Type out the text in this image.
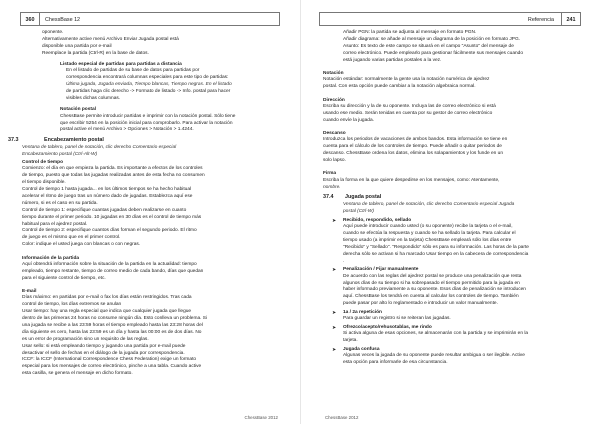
360	ChessBase 12
oponente.
Alternativamente active menú Archivo Enviar Jugada postal está
disponible una partida por e-mail
Reemplace la partida (Ctrl-R) en la base de datos.
Listado especial de partidas para partidas a distancia
En el listado de partidas de su base de datos para partidas por
correspondencia encontrará columnas especiales para este tipo de partidas:
Última jugada, Jugada enviada, Tiempo blancas, Tiempo negras. En el listado
de partidas haga clic derecho -> Formato de listado -> Info. postal para hacer
visibles dichas columnas.
Notación postal
ChessBase permite introducir partidas e imprimir con la notación postal. Sólo tiene
que escribir 5254 en la posición inicial para comprobarlo. Para activar la notación
postal active el menú Archivo > Opciones > Notación > 1.4244.
37.3	Encabezamiento postal
Ventana de tablero, panel de notación, clic derecho Comentario especial
Encabezamiento postal (Ctrl-Alt-W)
Control de tiempo
Comienzo: el día en que empieza la partida. Es importante a efectos de los controles
de tiempo, puesto que todas las jugadas realizadas antes de esta fecha no consumen
el tiempo disponible.
Control de tiempo 1 hasta jugada... en los últimos tiempos se ha hecho habitual
acelerar el ritmo de juego tras un número dado de jugadas. Establezca aquí ese
número, si es el caso en su partida.
Control de tiempo 1: especifique cuantas jugadas deben realizarse en cuanto
tiempo durante el primer periodo. 10 jugadas en 30 días es el control de tiempo más
habitual para el ajedrez postal.
Control de tiempo 2: especifique cuantos días forman el segundo periodo. El ritmo
de juego es el mismo que en el primer control.
Color: indique el usted juega con blancas o con negras.
Información de la partida
Aquí obtendrá información sobre la situación de la partida en la actualidad: tiempo
empleado, tiempo restante, tiempo de correo medio de cada bando, días que quedan
para el siguiente control de tiempo, etc.
E-mail
Días máximo: en partidas por e-mail o fax los días están restringidos. Tras cada
control de tiempo, los días extremos se anulan
Usar tiempo: hay una regla especial que indica que cualquier jugada que llegue
dentro de las primeras 24 horas no consume ningún día. Esto conlleva un problema. Si
una jugada se recibe a las 23:59 horas el tiempo empleado hasta las 23:28 horas del
día siguiente es cero, hasta las 23:59 es un día y hasta las 00:00 es de dos días. No
es un error de programación sino un requisito de las reglas.
Usar sello: si está empleando tiempo y jugando una partida por e-mail puede
desactivar el sello de fechas en el diálogo de la jugada por correspondencia.
ICCF: la ICCF (International Correspondence Chess Federation) exige un formato
especial para los mensajes de correo electrónico, pinche a una tabla. Cuando active
esta casilla, se genera el mensaje en dicho formato.
ChessBase 2012
Referencia	241
Añadir PGN: la partida se adjunta al mensaje en formato PGN.
Añadir diagrama: se añade al mensaje un diagrama de la posición en formato JPG.
Asunto: Es texto de este campo se situará en el campo "Asunto" del mensaje de
correo electrónico. Puede emplearlo para gestionar fácilmente sus mensajes cuando
está jugando varias partidas postales a la vez.
Notación
Notación estándar: normalmente la gente usa la notación numérica de ajedrez
postal. Con esta opción puede cambiar a la notación algebraica normal.
Dirección
Escriba su dirección y la de su oponente. Incluya las de correo electrónico si está
usando ese medio. Serán tenidas en cuenta por su gestor de correo electrónico
cuando envíe la jugada.
Descanso
Introduzca los periodos de vacaciones de ambos bandos. Esta información se tiene en
cuenta para el cálculo de los controles de tiempo. Puede añadir o quitar periodos de
descanso. ChessBase ordena los datos, elimina los solapamientos y los funde en un
solo lapso.
Firma
Escriba la forma en la que quiere despedirse en los mensajes, como: Atentamente,
nombre.
37.4 Jugada postal
Ventana de tablero, panel de notación, clic derecho Comentario especial Jugada
postal (Ctrl-W)
➤ Recibido, respondido, sellado
Aquí puede introducir cuando usted (o su oponente) recibe la tarjeta o el e-mail,
cuando se efectúa la respuesta y cuando se ha sellado la tarjeta. Para calcular el
tiempo usado (a imprimir en la tarjeta) ChessBase empleará sólo los días entre
"Recibido" y "Sellado". "Respondido" sólo es para su información. Las horas de la parte
derecha sólo se activan si ha marcado Usar tiempo en la cabecera de correspondencia
.
➤ Penalización / Fijar manualmente
De acuerdo con las reglas del ajedrez postal se produce una penalización que resta
algunos días de su tiempo si ha sobrepasado el tiempo permitido para la jugada en
haber informado previamente a su oponente. Esos días de penalización se introducen
aquí. ChessBase los tendrá en cuenta al calcular los controles de tiempo. También
puede pasar por alto lo reglamentado e introducir un valor manualmente.
➤ 1a / 2a repetición
Para guardar un registro si se reiteran las jugadas.
➤ Ofrezco/acepto/rehusotablas, me rindo
Si activa alguna de esas opciones, se almacenarán con la partida y se imprimirán en la
tarjeta.
➤ Jugada confusa
Algunas veces la jugada de su oponente puede resultar ambigua o ser ilegible. Active
esta opción para informarle de esa circunstancia.
ChessBase 2012
